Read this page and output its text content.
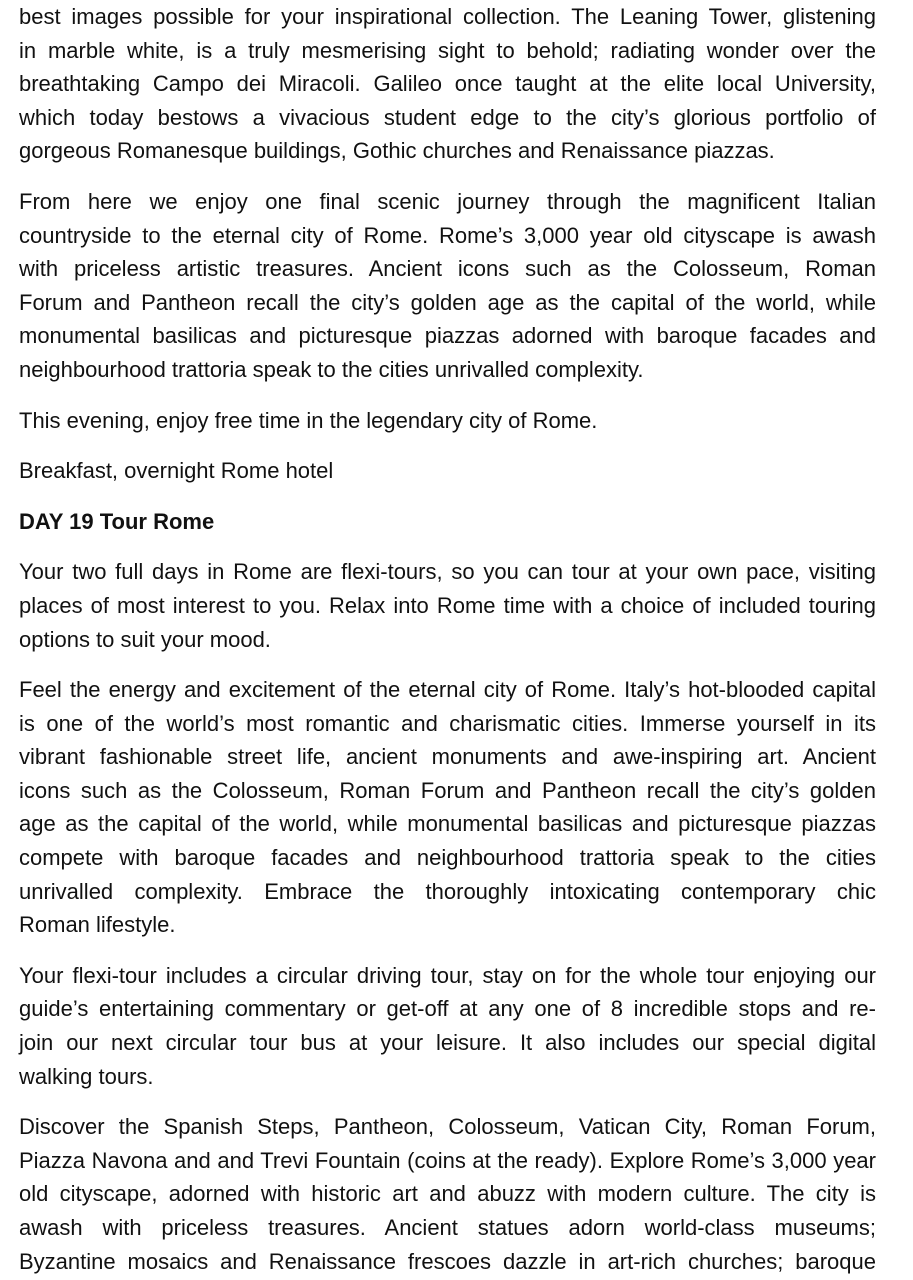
best images possible for your inspirational collection. The Leaning Tower, glistening
in marble white, is a truly mesmerising sight to behold; radiating wonder over the
breathtaking Campo dei Miracoli. Galileo once taught at the elite local University,
which today bestows a vivacious student edge to the city’s glorious portfolio of
gorgeous Romanesque buildings, Gothic churches and Renaissance piazzas.
From here we enjoy one final scenic journey through the magnificent Italian
countryside to the eternal city of Rome. Rome’s 3,000 year old cityscape is awash
with priceless artistic treasures. Ancient icons such as the Colosseum, Roman
Forum and Pantheon recall the city’s golden age as the capital of the world, while
monumental basilicas and picturesque piazzas adorned with baroque facades and
neighbourhood trattoria speak to the cities unrivalled complexity.
This evening, enjoy free time in the legendary city of Rome.
Breakfast, overnight Rome hotel
DAY 19 Tour Rome
Your two full days in Rome are flexi-tours, so you can tour at your own pace, visiting
places of most interest to you. Relax into Rome time with a choice of included touring
options to suit your mood.
Feel the energy and excitement of the eternal city of Rome. Italy’s hot-blooded capital
is one of the world’s most romantic and charismatic cities. Immerse yourself in its
vibrant fashionable street life, ancient monuments and awe-inspiring art. Ancient
icons such as the Colosseum, Roman Forum and Pantheon recall the city’s golden
age as the capital of the world, while monumental basilicas and picturesque piazzas
compete with baroque facades and neighbourhood trattoria speak to the cities
unrivalled complexity. Embrace the thoroughly intoxicating contemporary chic
Roman lifestyle.
Your flexi-tour includes a circular driving tour, stay on for the whole tour enjoying our
guide’s entertaining commentary or get-off at any one of 8 incredible stops and re-
join our next circular tour bus at your leisure. It also includes our special digital
walking tours.
Discover the Spanish Steps, Pantheon, Colosseum, Vatican City, Roman Forum,
Piazza Navona and and Trevi Fountain (coins at the ready). Explore Rome’s 3,000 year
old cityscape, adorned with historic art and abuzz with modern culture. The city is
awash with priceless treasures. Ancient statues adorn world-class museums;
Byzantine mosaics and Renaissance frescoes dazzle in art-rich churches; baroque
